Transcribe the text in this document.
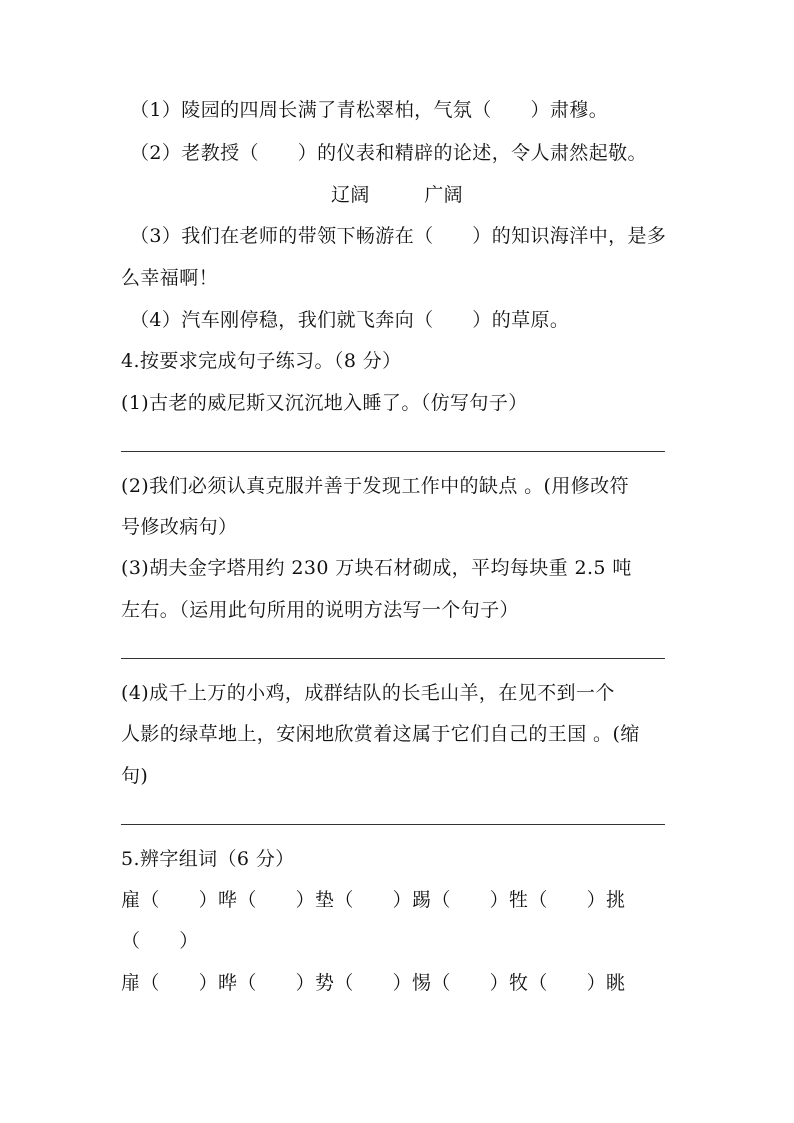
（1）陵园的四周长满了青松翠柏，气氛（　　）肃穆。
（2）老教授（　　）的仪表和精辟的论述，令人肃然起敬。
辽阔	广阔
（3）我们在老师的带领下畅游在（　　）的知识海洋中，是多
么幸福啊！
（4）汽车刚停稳，我们就飞奔向（　　）的草原。
4.按要求完成句子练习。（8 分）
(1)古老的威尼斯又沉沉地入睡了。（仿写句子）
(2)我们必须认真克服并善于发现工作中的缺点 。(用修改符
号修改病句）
(3)胡夫金字塔用约 230 万块石材砌成，平均每块重 2.5 吨
左右。（运用此句所用的说明方法写一个句子）
(4)成千上万的小鸡，成群结队的长毛山羊，在见不到一个
人影的绿草地上，安闲地欣赏着这属于它们自己的王国 。(缩
句)
5.辨字组词（6 分）
雇（　　）哗（　　）垫（　　）踢（　　）牲（　　）挑
（　　）
扉（　　）晔（　　）势（　　）惕（　　）牧（　　）眺
